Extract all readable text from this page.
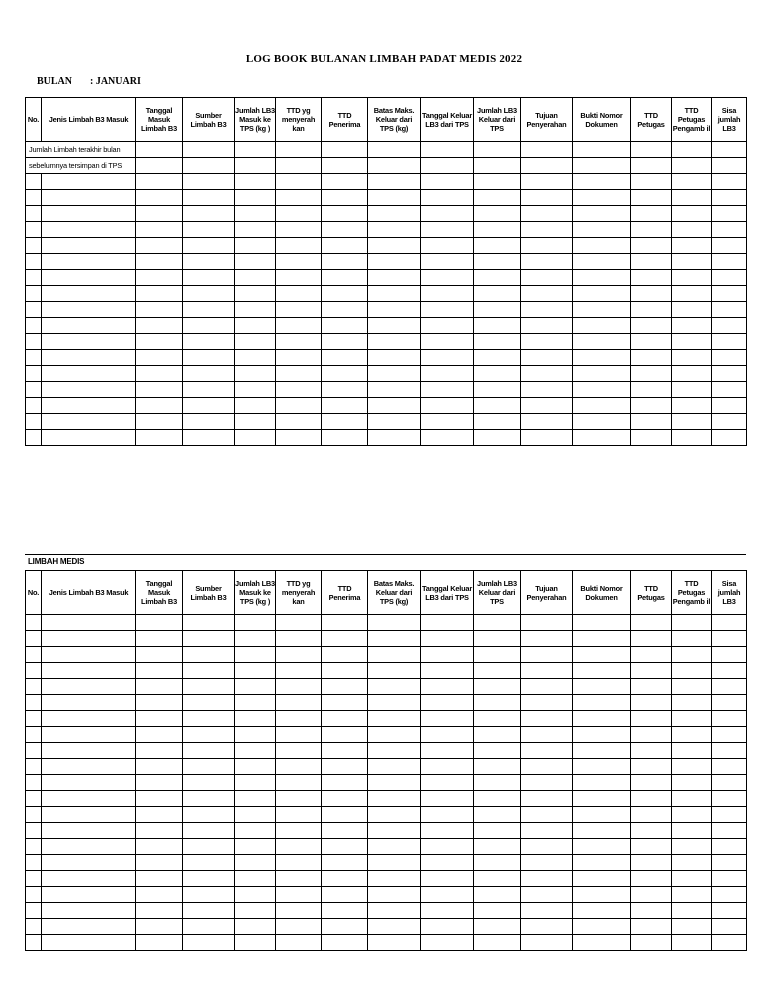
LOG BOOK BULANAN LIMBAH PADAT MEDIS 2022
BULAN : JANUARI
No.	Jenis Limbah B3 Masuk	Tanggal Masuk Limbah B3	Sumber Limbah B3	Jumlah LB3 Masuk ke TPS (kg )	TTD yg menyerah kan	TTD Penerima	Batas Maks. Keluar dari TPS (kg)	Tanggal Keluar LB3 dari TPS	Jumlah LB3 Keluar dari TPS	Tujuan Penyerahan	Bukti Nomor Dokumen	TTD Petugas	TTD Petugas Pengamb il	Sisa jumlah LB3
Jumlah Limbah terakhir bulan														
sebelumnya tersimpan di TPS														

LIMBAH MEDIS
No.	Jenis Limbah B3 Masuk	Tanggal Masuk Limbah B3	Sumber Limbah B3	Jumlah LB3 Masuk ke TPS (kg )	TTD yg menyerah kan	TTD Penerima	Batas Maks. Keluar dari TPS (kg)	Tanggal Keluar LB3 dari TPS	Jumlah LB3 Keluar dari TPS	Tujuan Penyerahan	Bukti Nomor Dokumen	TTD Petugas	TTD Petugas Pengamb il	Sisa jumlah LB3
